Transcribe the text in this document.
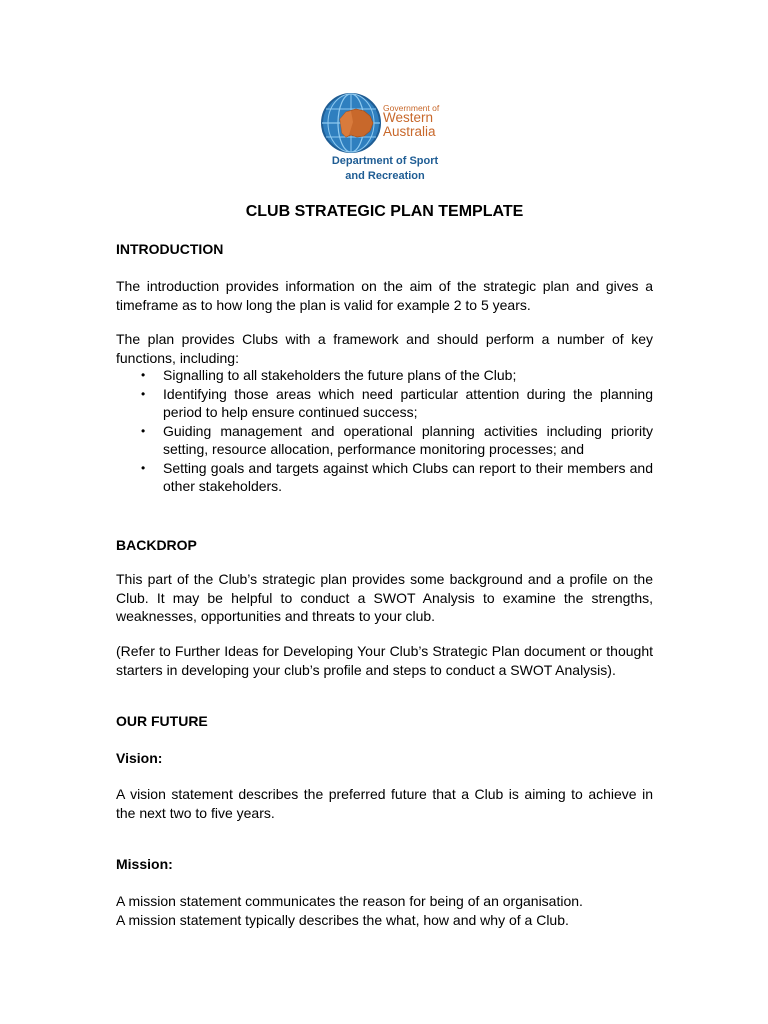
Government of
Western
Australia
Department of Sport
and Recreation
CLUB STRATEGIC PLAN TEMPLATE

INTRODUCTION

The introduction provides information on the aim of the strategic plan and gives a timeframe as to how long the plan is valid for example 2 to 5 years.

The plan provides Clubs with a framework and should perform a number of key functions, including:

• Signalling to all stakeholders the future plans of the Club;
• Identifying those areas which need particular attention during the planning period to help ensure continued success;
• Guiding management and operational planning activities including priority setting, resource allocation, performance monitoring processes; and
• Setting goals and targets against which Clubs can report to their members and other stakeholders.

BACKDROP

This part of the Club’s strategic plan provides some background and a profile on the Club. It may be helpful to conduct a SWOT Analysis to examine the strengths, weaknesses, opportunities and threats to your club.

(Refer to Further Ideas for Developing Your Club’s Strategic Plan document or thought starters in developing your club’s profile and steps to conduct a SWOT Analysis).

OUR FUTURE

Vision:

A vision statement describes the preferred future that a Club is aiming to achieve in the next two to five years.

Mission:

A mission statement communicates the reason for being of an organisation.
A mission statement typically describes the what, how and why of a Club.
